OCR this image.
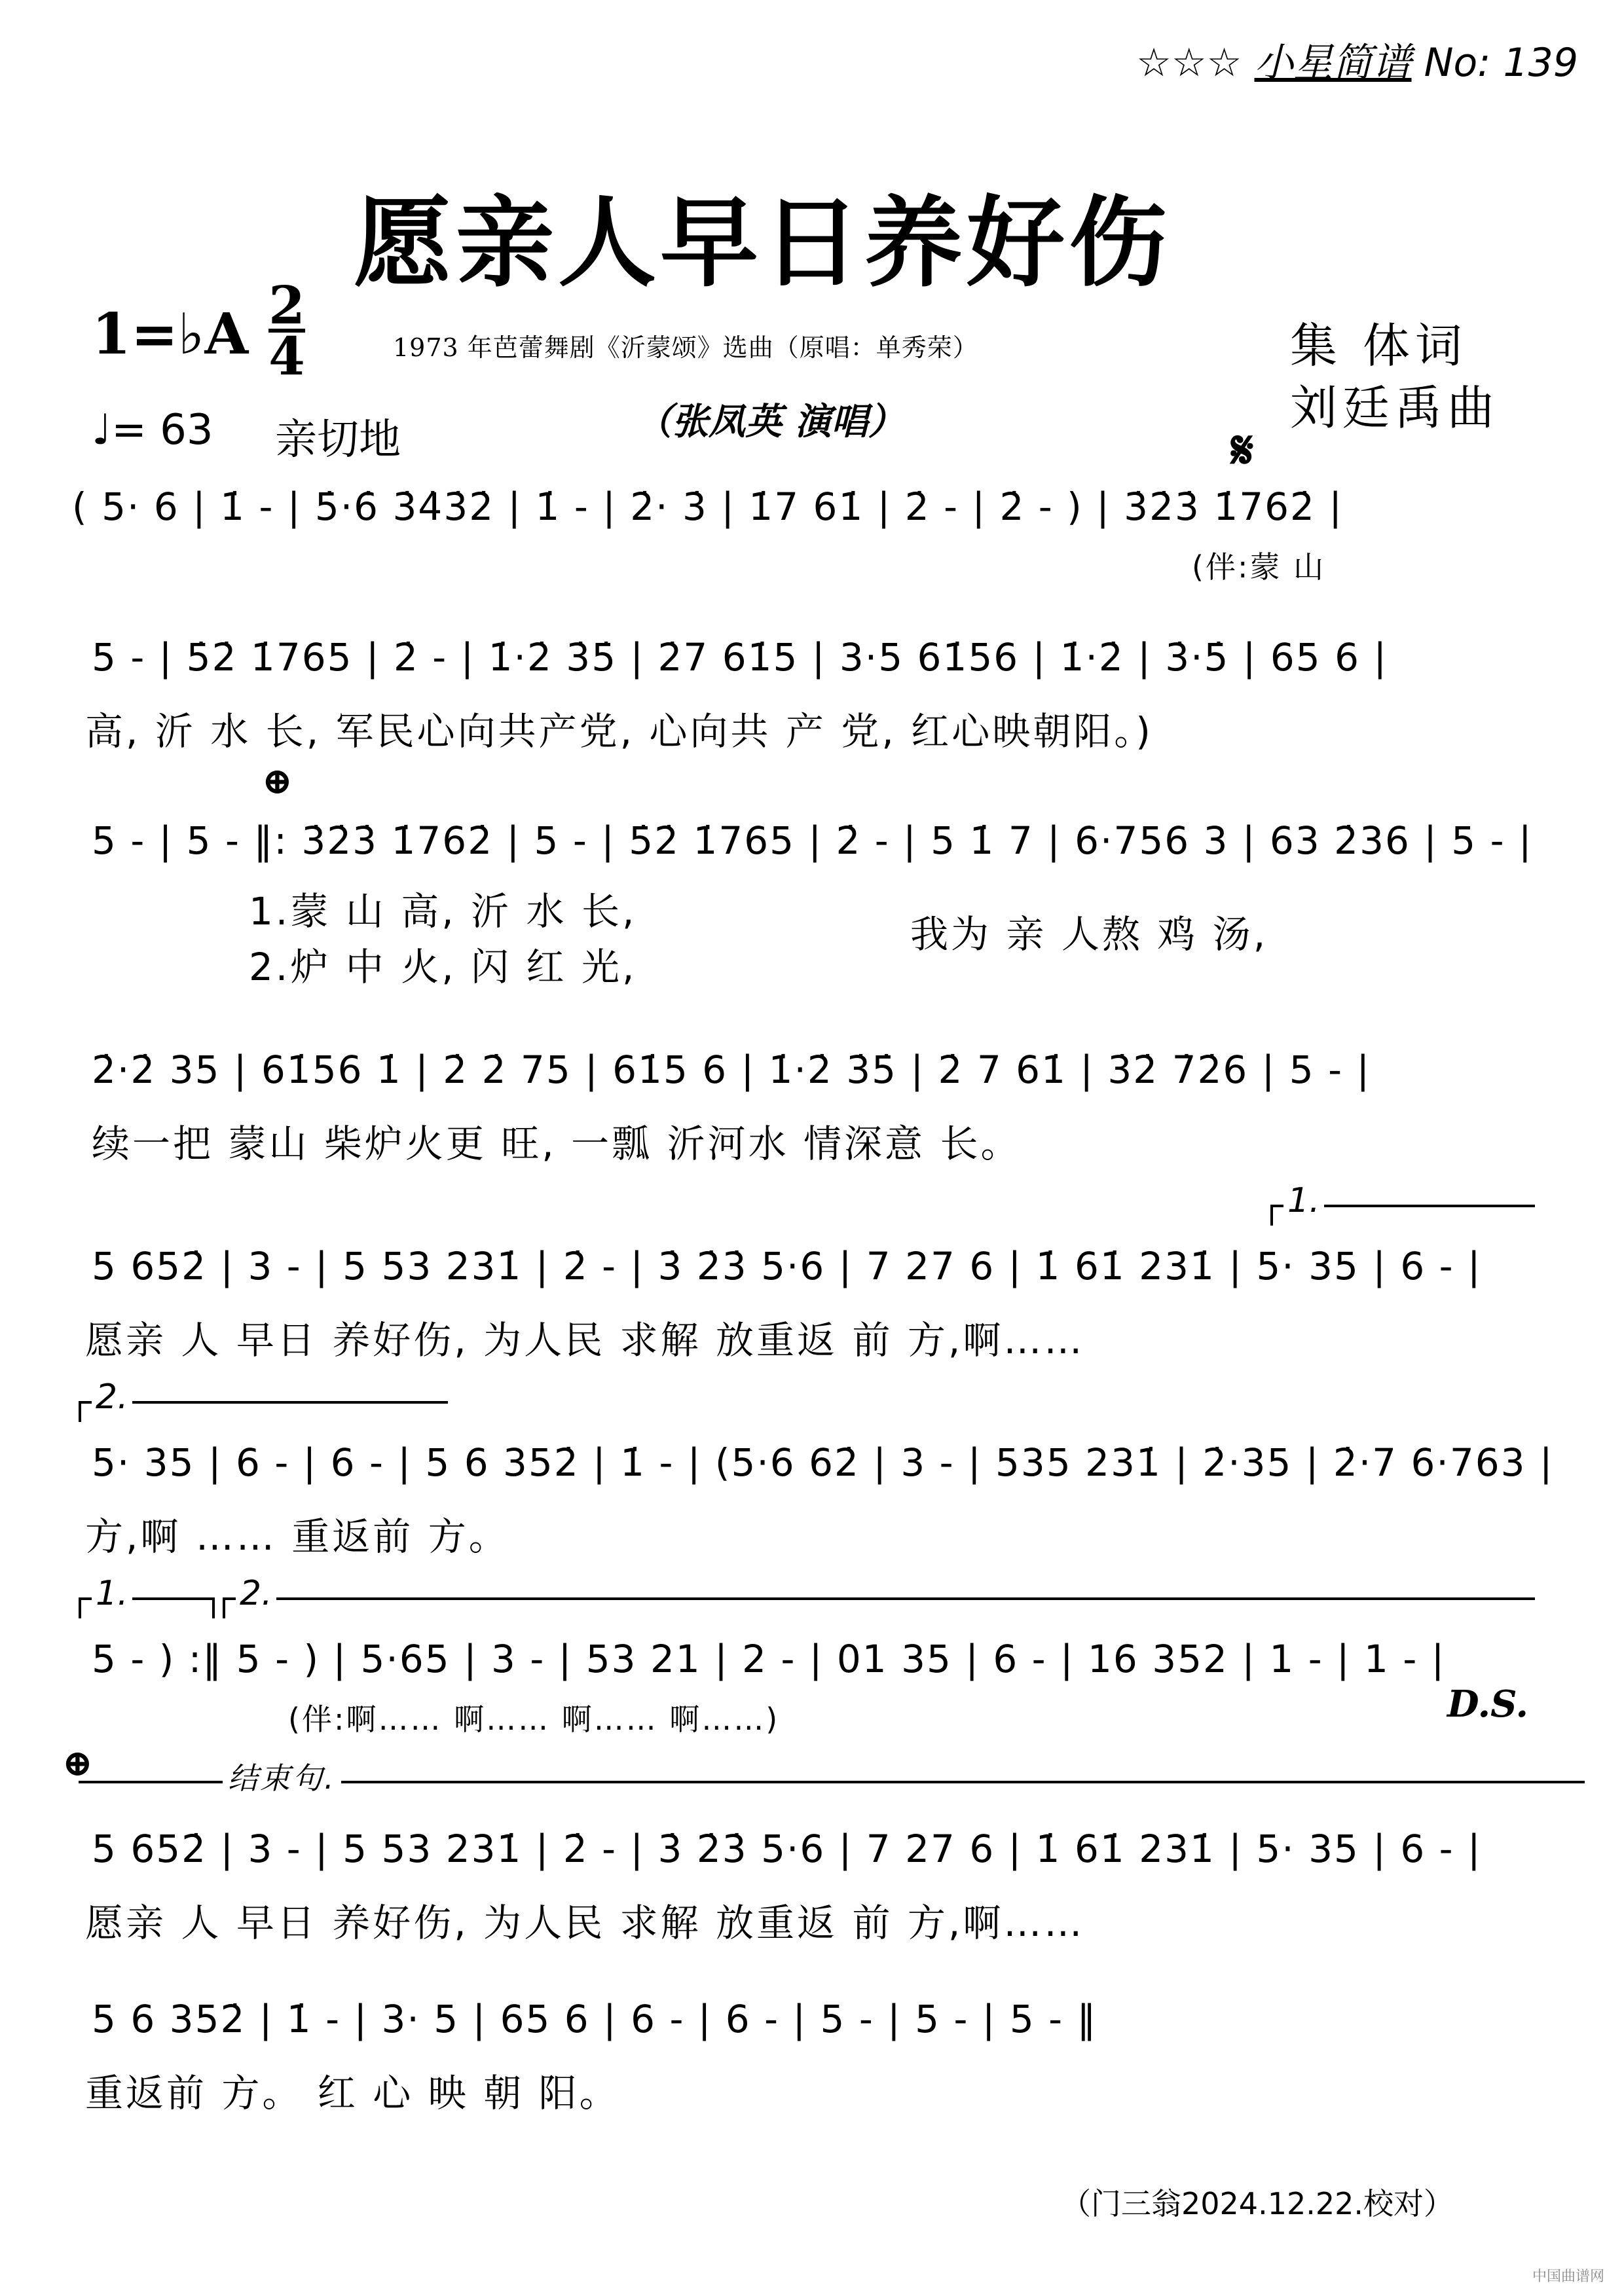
☆☆☆ 小星简谱 No: 139
愿亲人早日养好伤
1=♭A 2
4	1973 年芭蕾舞剧《沂蒙颂》选曲（原唱：单秀荣）	集 体词
刘廷禹曲
♩= 63 亲切地	（张凤英 演唱）	𝄋
( 5· 6 | 1̇ - | 5̇·6̇ 3̇4̇3̇2̇ | 1̇ - | 2̇· 3̇ | 1̇7 61̇ | 2̇ - | 2̇ - ) | 3̇2̇3̇ 1̇762̇ |
(伴:蒙 山
5 - | 5̇2̇ 1̇765 | 2̇ - | 1̇·2̇ 3̇5̇ | 2̇7 61̇5 | 3·5 61̇56 | 1̇·2̇ | 3̇·5̇ | 65 6 |
高, 沂 水 长, 军民心向共产党, 心向共 产 党, 红心映朝阳。)
⊕
5 - | 5 - ‖: 3̇2̇3̇ 1̇762̇ | 5 - | 5̇2̇ 1̇765 | 2̇ - | 5 1̇ 7 | 6·756 3 | 63 2̇36 | 5 - |
1.蒙 山 高, 沂 水 长,
2.炉 中 火, 闪 红 光,
我为 亲 人熬 鸡 汤,
2̇·2̇ 35 | 61̇56 1̇ | 2̇ 2̇ 75 | 61̇5 6 | 1̇·2̇ 3̇5̇ | 2̇ 7 61̇ | 3̇2̇ 7̇2̇6 | 5 - |
续一把 蒙山 柴炉火更 旺, 一瓢 沂河水 情深意 长。
1.
5 652̇ | 3 - | 5 53 231̇ | 2̇ - | 3̇ 2̇3̇ 5·6 | 7 27 6 | 1̇ 61̇ 231̇ | 5· 35 | 6 - |
愿亲 人 早日 养好伤, 为人民 求解 放重返 前 方,啊……
2.
5· 35 | 6 - | 6 - | 5 6 352̇ | 1̇ - | (5·6 62̇ | 3 - | 535 231̇ | 2̇·35 | 2̇·7 6·763 |
方,啊 …… 重返前 方。
1.	2.
5 - ) :‖ 5 - ) | 5·65 | 3 - | 53 21 | 2 - | 01 35 | 6 - | 16 352 | 1 - | 1 - |
(伴:啊…… 啊…… 啊…… 啊……)	D.S.
⊕	结束句.
5 652̇ | 3 - | 5 53 231̇ | 2̇ - | 3̇ 2̇3̇ 5·6 | 7 27 6 | 1̇ 61̇ 231̇ | 5· 35 | 6 - |
愿亲 人 早日 养好伤, 为人民 求解 放重返 前 方,啊……
5 6 352̇ | 1̇ - | 3· 5 | 65 6 | 6 - | 6 - | 5 - | 5 - | 5 - ‖
重返前 方。 红 心 映 朝 阳。
（门三翁2024.12.22.校对）
中国曲谱网
